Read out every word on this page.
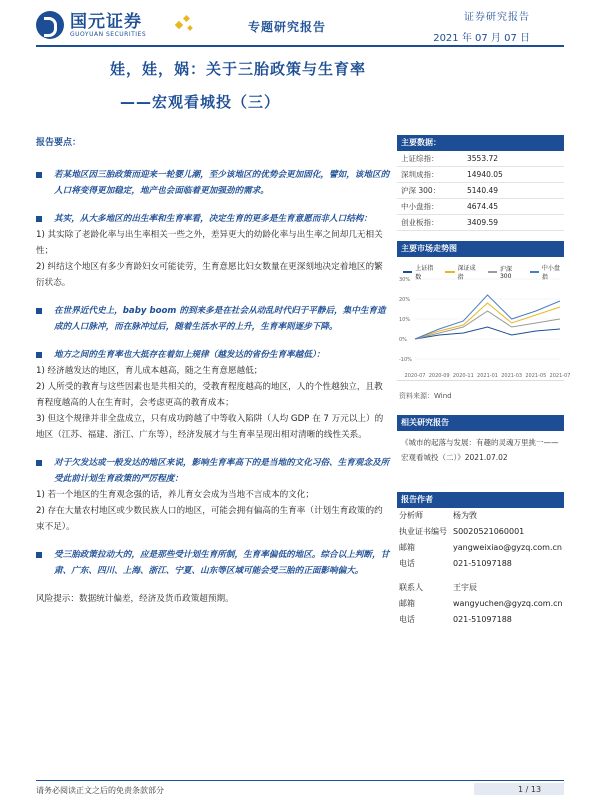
国元证券
GUOYUAN SECURITIES	专题研究报告
证券研究报告
2021 年 07 月 07 日
娃，娃，娲：关于三胎政策与生育率
——宏观看城投（三）
报告要点：
若某地区因三胎政策而迎来一轮婴儿潮，至少该地区的优势会更加固化，譬如，该地区的人口将变得更加稳定，地产也会面临着更加强劲的需求。
其实，从大多地区的出生率和生育率看，决定生育的更多是生育意愿而非人口结构：
1) 其实除了老龄化率与出生率相关一些之外，差异更大的幼龄化率与出生率之间却几无相关性；
2) 纠结这个地区有多少育龄妇女可能徒劳，生育意愿比妇女数量在更深刻地决定着地区的繁衍状态。
在世界近代史上，baby boom 的到来多是在社会从动乱时代归于平静后，集中生育造成的人口脉冲，而在脉冲过后，随着生活水平的上升，生育率则逐步下降。
地方之间的生育率也大抵存在着如上规律（越发达的省份生育率越低）：
1) 经济越发达的地区，育儿成本越高，随之生育意愿越低；
2) 人所受的教育与这些因素也是共相关的，受教育程度越高的地区，人的个性越独立，且教育程度越高的人在生育时，会考虑更高的教育成本；
3) 但这个规律并非全盘成立，只有成功跨越了中等收入陷阱（人均 GDP 在 7 万元以上）的地区（江苏、福建、浙江、广东等），经济发展才与生育率呈现出相对清晰的线性关系。
对于欠发达或一般发达的地区来说，影响生育率高下的是当地的文化习俗、生育观念及所受此前计划生育政策的严厉程度：
1) 若一个地区的生育观念强的话，养儿育女会成为当地不言成本的文化；
2) 存在大量农村地区或少数民族人口的地区，可能会拥有偏高的生育率（计划生育政策的约束不足）。
受三胎政策拉动大的，应是那些受计划生育所制，生育率偏低的地区。综合以上判断，甘肃、广东、四川、上海、浙江、宁夏、山东等区域可能会受三胎的正面影响偏大。
风险提示：数据统计偏差，经济及货币政策超预期。
主要数据：
上证综指：	3553.72
深圳成指：	14940.05
沪深 300：	5140.49
中小盘指：	4674.45
创业板指：	3409.59
主要市场走势图
上证指数
深证成指
沪深300
中小盘指
-10%
0%
10%
20%
30%
2020-07 2020-09 2020-11 2021-01 2021-03 2021-05 2021-07
资料来源：Wind
相关研究报告
《城市的起落与发展：有趣的灵魂万里挑一——宏观看城投（二）》2021.07.02
报告作者
分析师	杨为敩
执业证书编号 S0020521060001
邮箱	yangweixiao@gyzq.com.cn
电话	021-51097188
联系人	王宇辰
邮箱	wangyuchen@gyzq.com.cn
电话	021-51097188
请务必阅读正文之后的免责条款部分	1 / 13
